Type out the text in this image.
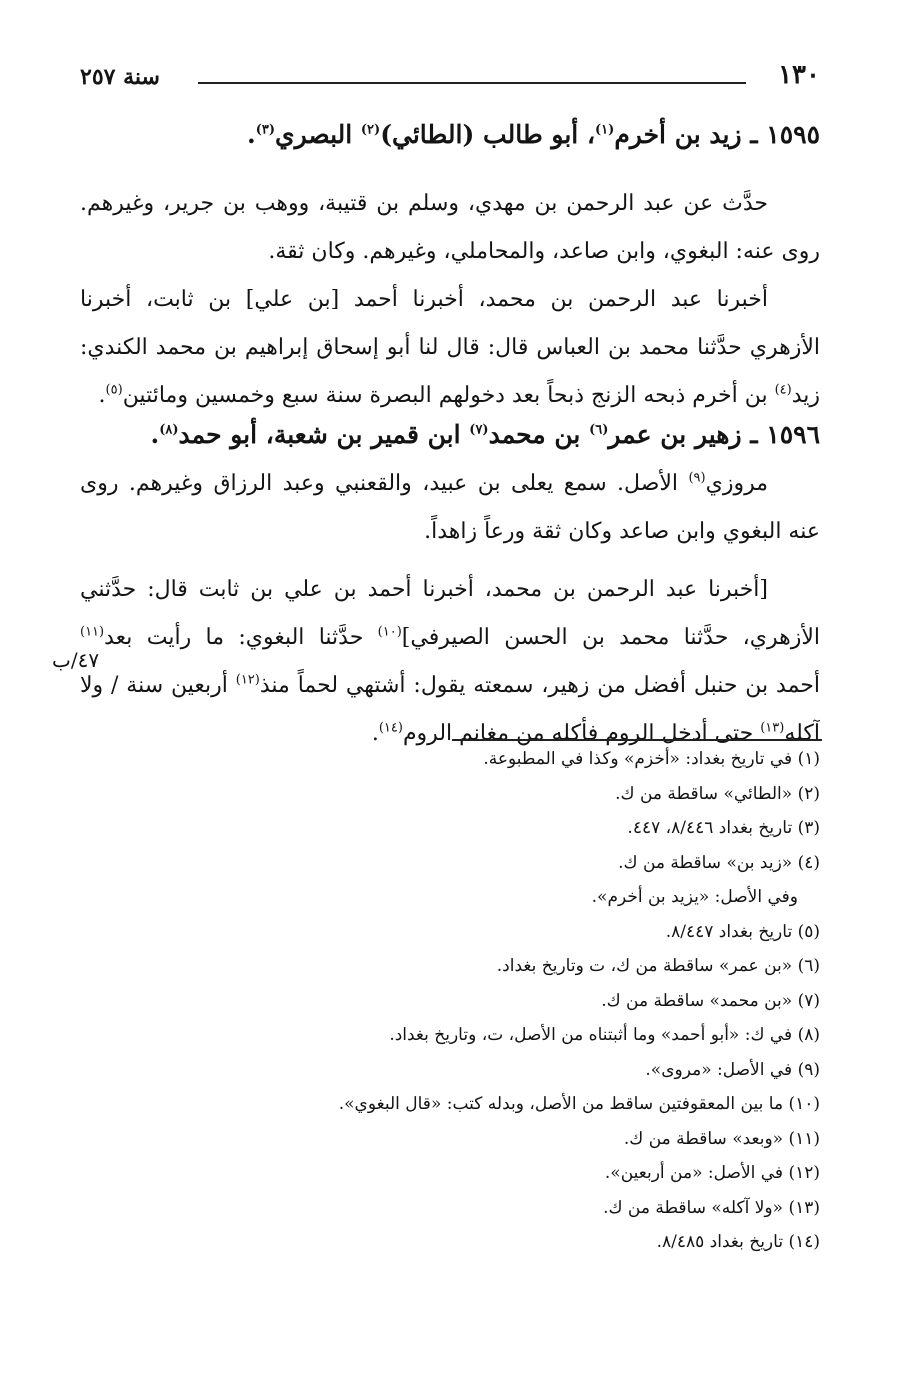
١٣٠
سنة ٢٥٧
١٥٩٥ ـ زيد بن أخرم$^{(١)}$، أبو طالب (الطائي)$^{(٢)}$ البصري$^{(٣)}$.
حدَّث عن عبد الرحمن بن مهدي، وسلم بن قتيبة، ووهب بن جرير، وغيرهم.
روى عنه: البغوي، وابن صاعد، والمحاملي، وغيرهم. وكان ثقة.
أخبرنا عبد الرحمن بن محمد، أخبرنا أحمد [بن علي] بن ثابت، أخبرنا
الأزهري حدَّثنا محمد بن العباس قال: قال لنا أبو إسحاق إبراهيم بن محمد الكندي:
زيد$^{(٤)}$ بن أخرم ذبحه الزنج ذبحاً بعد دخولهم البصرة سنة سبع وخمسين ومائتين$^{(٥)}$.
١٥٩٦ ـ زهير بن عمر$^{(٦)}$ بن محمد$^{(٧)}$ ابن قمير بن شعبة، أبو حمد$^{(٨)}$.
مروزي$^{(٩)}$ الأصل. سمع يعلى بن عبيد، والقعنبي وعبد الرزاق وغيرهم. روى
عنه البغوي وابن صاعد وكان ثقة ورعاً زاهداً.
[أخبرنا عبد الرحمن بن محمد، أخبرنا أحمد بن علي بن ثابت قال: حدَّثني
الأزهري، حدَّثنا محمد بن الحسن الصيرفي]$^{(١٠)}$ حدَّثنا البغوي: ما رأيت بعد$^{(١١)}$
أحمد بن حنبل أفضل من زهير، سمعته يقول: أشتهي لحماً منذ$^{(١٢)}$ أربعين سنة / ولا
آكله$^{(١٣)}$ حتى أدخل الروم فأكله من مغانم الروم$^{(١٤)}$.
٤٧/ب
(١) في تاريخ بغداد: «أخزم» وكذا في المطبوعة.
(٢) «الطائي» ساقطة من ك.
(٣) تاريخ بغداد ٨/٤٤٦، ٤٤٧.
(٤) «زيد بن» ساقطة من ك.
وفي الأصل: «يزيد بن أخرم».
(٥) تاريخ بغداد ٨/٤٤٧.
(٦) «بن عمر» ساقطة من ك، ت وتاريخ بغداد.
(٧) «بن محمد» ساقطة من ك.
(٨) في ك: «أبو أحمد» وما أثبتناه من الأصل، ت، وتاريخ بغداد.
(٩) في الأصل: «مروى».
(١٠) ما بين المعقوفتين ساقط من الأصل، وبدله كتب: «قال البغوي».
(١١) «وبعد» ساقطة من ك.
(١٢) في الأصل: «من أربعين».
(١٣) «ولا آكله» ساقطة من ك.
(١٤) تاريخ بغداد ٨/٤٨٥.
